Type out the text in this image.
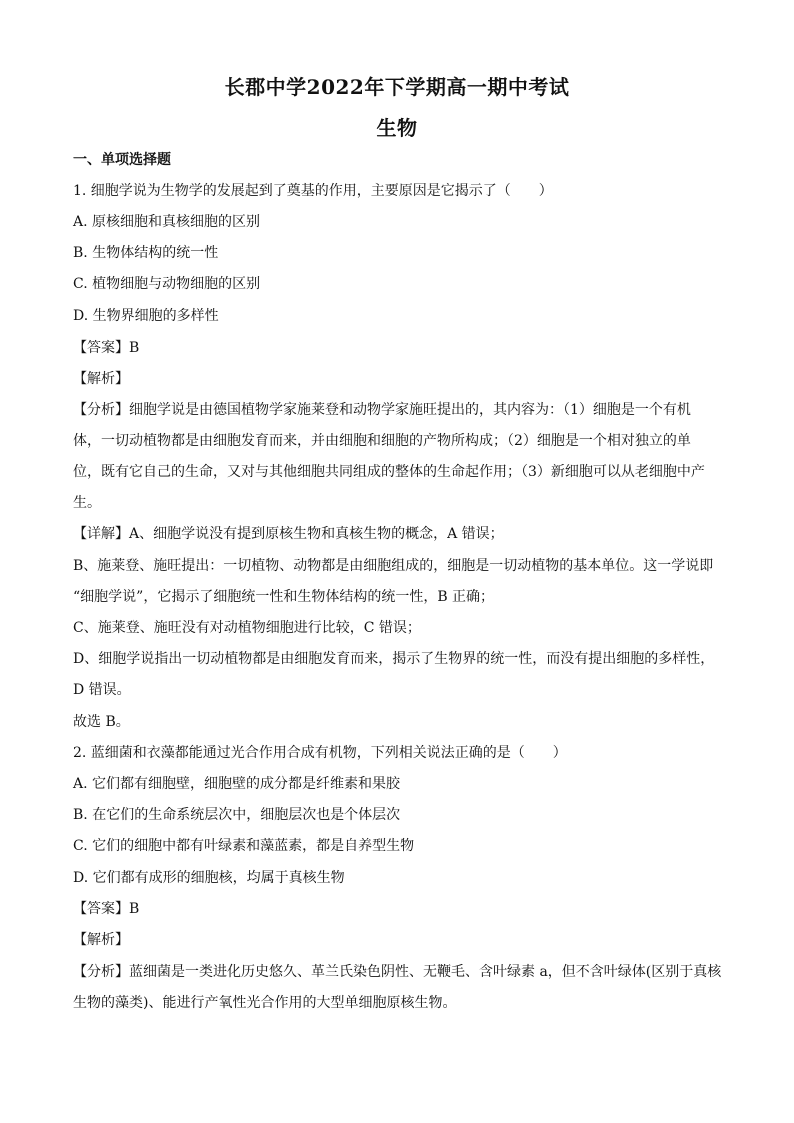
长郡中学2022年下学期高一期中考试
生物
一、单项选择题
1. 细胞学说为生物学的发展起到了奠基的作用，主要原因是它揭示了（　　）
A. 原核细胞和真核细胞的区别
B. 生物体结构的统一性
C. 植物细胞与动物细胞的区别
D. 生物界细胞的多样性
【答案】B
【解析】
【分析】细胞学说是由德国植物学家施莱登和动物学家施旺提出的，其内容为：（1）细胞是一个有机
体，一切动植物都是由细胞发育而来，并由细胞和细胞的产物所构成；（2）细胞是一个相对独立的单
位，既有它自己的生命，又对与其他细胞共同组成的整体的生命起作用；（3）新细胞可以从老细胞中产
生。
【详解】A、细胞学说没有提到原核生物和真核生物的概念，A 错误；
B、施莱登、施旺提出：一切植物、动物都是由细胞组成的，细胞是一切动植物的基本单位。这一学说即
“细胞学说”，它揭示了细胞统一性和生物体结构的统一性，B 正确；
C、施莱登、施旺没有对动植物细胞进行比较，C 错误；
D、细胞学说指出一切动植物都是由细胞发育而来，揭示了生物界的统一性，而没有提出细胞的多样性，
D 错误。
故选 B。
2. 蓝细菌和衣藻都能通过光合作用合成有机物，下列相关说法正确的是（　　）
A. 它们都有细胞壁，细胞壁的成分都是纤维素和果胶
B. 在它们的生命系统层次中，细胞层次也是个体层次
C. 它们的细胞中都有叶绿素和藻蓝素，都是自养型生物
D. 它们都有成形的细胞核，均属于真核生物
【答案】B
【解析】
【分析】蓝细菌是一类进化历史悠久、革兰氏染色阴性、无鞭毛、含叶绿素 a，但不含叶绿体(区别于真核
生物的藻类)、能进行产氧性光合作用的大型单细胞原核生物。
